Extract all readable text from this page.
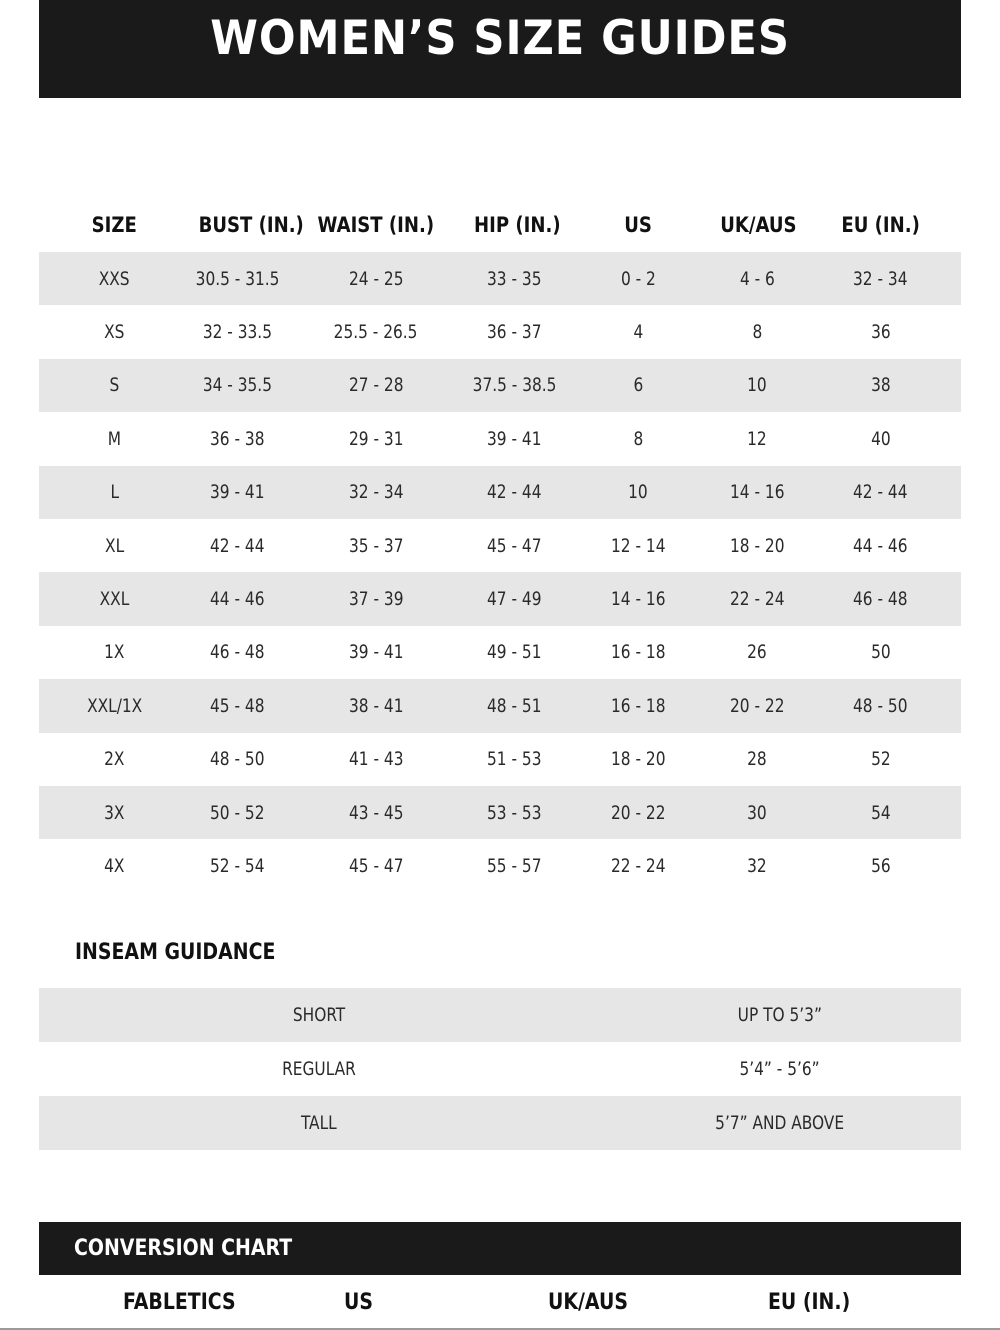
WOMEN’S SIZE GUIDES
SIZE	BUST (IN.)	WAIST (IN.)	HIP (IN.)	US	UK/AUS	EU (IN.)
XXS	30.5 - 31.5	24 - 25	33 - 35	0 - 2	4 - 6	32 - 34
XS	32 - 33.5	25.5 - 26.5	36 - 37	4	8	36
S	34 - 35.5	27 - 28	37.5 - 38.5	6	10	38
M	36 - 38	29 - 31	39 - 41	8	12	40
L	39 - 41	32 - 34	42 - 44	10	14 - 16	42 - 44
XL	42 - 44	35 - 37	45 - 47	12 - 14	18 - 20	44 - 46
XXL	44 - 46	37 - 39	47 - 49	14 - 16	22 - 24	46 - 48
1X	46 - 48	39 - 41	49 - 51	16 - 18	26	50
XXL/1X	45 - 48	38 - 41	48 - 51	16 - 18	20 - 22	48 - 50
2X	48 - 50	41 - 43	51 - 53	18 - 20	28	52
3X	50 - 52	43 - 45	53 - 53	20 - 22	30	54
4X	52 - 54	45 - 47	55 - 57	22 - 24	32	56
INSEAM GUIDANCE
SHORT	UP TO 5’3”
REGULAR	5’4” - 5’6”
TALL	5’7” AND ABOVE
CONVERSION CHART
FABLETICS	US	UK/AUS	EU (IN.)
